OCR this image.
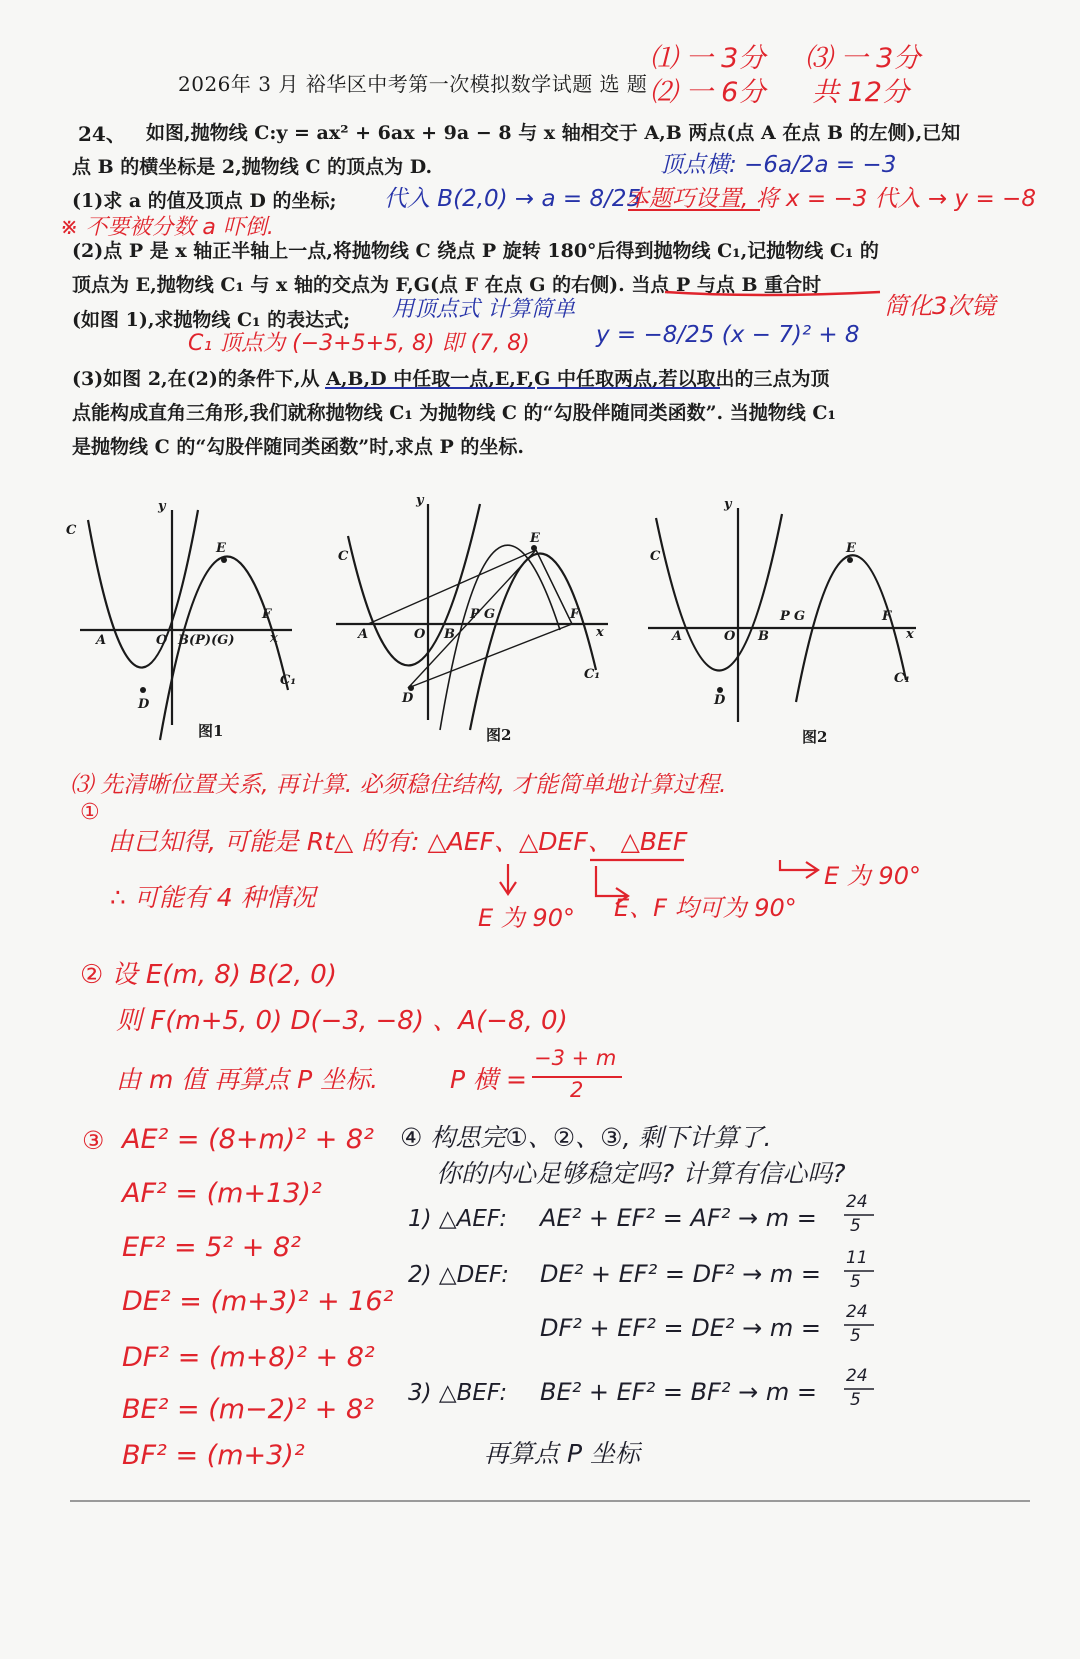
2026年 3 月 裕华区中考第一次模拟数学试题 选 题
⑴ 一 3分 ⑶ 一 3分
⑵ 一 6分 共 12分
24、 如图,抛物线 C:y = ax² + 6ax + 9a − 8 与 x 轴相交于 A,B 两点(点 A 在点 B 的左侧),已知
点 B 的横坐标是 2,抛物线 C 的顶点为 D.	顶点横: −6a/2a = −3
(1)求 a 的值及顶点 D 的坐标; 代入 B(2,0) → a = 8/25
本题巧设置, 将 x = −3 代入 → y = −8
※ 不要被分数 a 吓倒.
(2)点 P 是 x 轴正半轴上一点,将抛物线 C 绕点 P 旋转 180°后得到抛物线 C₁,记抛物线 C₁ 的
顶点为 E,抛物线 C₁ 与 x 轴的交点为 F,G(点 F 在点 G 的右侧). 当点 P 与点 B 重合时
简化3次镜
(如图 1),求抛物线 C₁ 的表达式; 用顶点式 计算简单
C₁ 顶点为 (−3+5+5, 8) 即 (7, 8)	y = −8/25 (x − 7)² + 8
(3)如图 2,在(2)的条件下,从 A,B,D 中任取一点,E,F,G 中任取两点,若以取出的三点为顶
点能构成直角三角形,我们就称抛物线 C₁ 为抛物线 C 的“勾股伴随同类函数”. 当抛物线 C₁
是抛物线 C 的“勾股伴随同类函数”时,求点 P 的坐标.
C
y
E
F
A	O B(P)(G)	x
D
C₁
C
y
E
P G	F
A	O B	x
D
C₁
C
y
E
P G	F
A	O B	x
D
C₁
图1	图2	图2
⑶ 先清晰位置关系, 再计算. 必须稳住结构, 才能简单地计算过程.
①
由已知得, 可能是 Rt△ 的有: △AEF、△DEF、 △BEF
E 为 90°
∴ 可能有 4 种情况
E 为 90° E、F 均可为 90°
② 设 E(m, 8) B(2, 0)
则 F(m+5, 0) D(−3, −8) 、A(−8, 0)
由 m 值 再算点 P 坐标.	P 横 =
−3 + m
2
③ AE² = (8+m)² + 8²
AF² = (m+13)²
EF² = 5² + 8²
DE² = (m+3)² + 16²
DF² = (m+8)² + 8²
BE² = (m−2)² + 8²
BF² = (m+3)²
④ 构思完①、②、③, 剩下计算了.
你的内心足够稳定吗? 计算有信心吗?
1) △AEF: AE² + EF² = AF² → m =
24
5
2) △DEF: DE² + EF² = DF² → m =
11
5
DF² + EF² = DE² → m =
24
5
3) △BEF: BE² + EF² = BF² → m =
24
5
再算点 P 坐标
